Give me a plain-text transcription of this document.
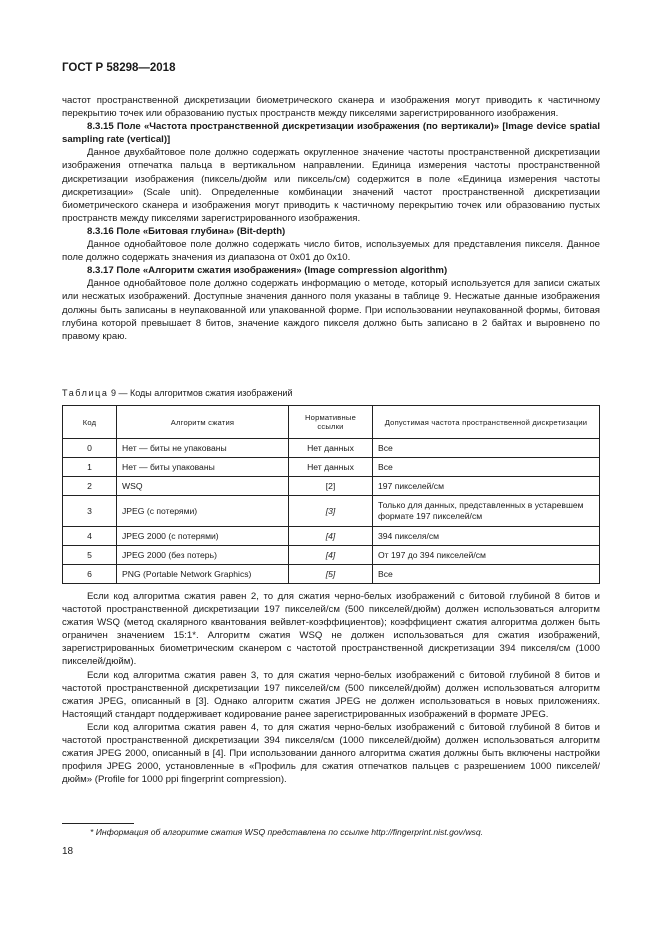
ГОСТ Р 58298—2018

частот пространственной дискретизации биометрического сканера и изображения могут приводить к частичному перекрытию точек или образованию пустых пространств между пикселями зарегистрированного изображения.

8.3.15 Поле «Частота пространственной дискретизации изображения (по вертикали)» [Image device spatial sampling rate (vertical)]

Данное двухбайтовое поле должно содержать округленное значение частоты пространственной дискретизации изображения отпечатка пальца в вертикальном направлении. Единица измерения частоты пространственной дискретизации изображения (пиксель/дюйм или пиксель/см) содержится в поле «Единица измерения частоты дискретизации» (Scale unit). Определенные комбинации значений частот пространственной дискретизации биометрического сканера и изображения могут приводить к частичному перекрытию точек или образованию пустых пространств между пикселями зарегистрированного изображения.

8.3.16 Поле «Битовая глубина» (Bit-depth)

Данное однобайтовое поле должно содержать число битов, используемых для представления пикселя. Данное поле должно содержать значения из диапазона от 0x01 до 0x10.

8.3.17 Поле «Алгоритм сжатия изображения» (Image compression algorithm)

Данное однобайтовое поле должно содержать информацию о методе, который используется для записи сжатых или несжатых изображений. Доступные значения данного поля указаны в таблице 9. Несжатые данные изображения должны быть записаны в неупакованной или упакованной форме. При использовании неупакованной формы, битовая глубина которой превышает 8 битов, значение каждого пикселя должно быть записано в 2 байтах и выровнено по правому краю.

Таблица 9 — Коды алгоритмов сжатия изображений
Код	Алгоритм сжатия	Нормативные ссылки	Допустимая частота пространственной дискретизации
0	Нет — биты не упакованы	Нет данных	Все
1	Нет — биты упакованы	Нет данных	Все
2	WSQ	[2]	197 пикселей/см
3	JPEG (с потерями)	[3]	Только для данных, представленных в устаревшем формате 197 пикселей/см
4	JPEG 2000 (с потерями)	[4]	394 пикселя/см
5	JPEG 2000 (без потерь)	[4]	От 197 до 394 пикселей/см
6	PNG (Portable Network Graphics)	[5]	Все

Если код алгоритма сжатия равен 2, то для сжатия черно-белых изображений с битовой глубиной 8 битов и частотой пространственной дискретизации 197 пикселей/см (500 пикселей/дюйм) должен использоваться алгоритм сжатия WSQ (метод скалярного квантования вейвлет-коэффициентов); коэффициент сжатия алгоритма должен быть ограничен значением 15:1*. Алгоритм сжатия WSQ не должен использоваться для сжатия изображений, зарегистрированных биометрическим сканером с частотой пространственной дискретизации 394 пикселя/см (1000 пикселей/дюйм).

Если код алгоритма сжатия равен 3, то для сжатия черно-белых изображений с битовой глубиной 8 битов и частотой пространственной дискретизации 197 пикселей/см (500 пикселей/дюйм) должен использоваться алгоритм сжатия JPEG, описанный в [3]. Однако алгоритм сжатия JPEG не должен использоваться в новых приложениях. Настоящий стандарт поддерживает кодирование ранее зарегистрированных изображений в формате JPEG.

Если код алгоритма сжатия равен 4, то для сжатия черно-белых изображений с битовой глубиной 8 битов и частотой пространственной дискретизации 394 пикселя/см (1000 пикселей/дюйм) должен использоваться алгоритм сжатия JPEG 2000, описанный в [4]. При использовании данного алгоритма сжатия должны быть включены настройки профиля JPEG 2000, установленные в «Профиль для сжатия отпечатков пальцев с разрешением 1000 пикселей/дюйм» (Profile for 1000 ppi fingerprint compression).

* Информация об алгоритме сжатия WSQ представлена по ссылке http://fingerprint.nist.gov/wsq.
18
